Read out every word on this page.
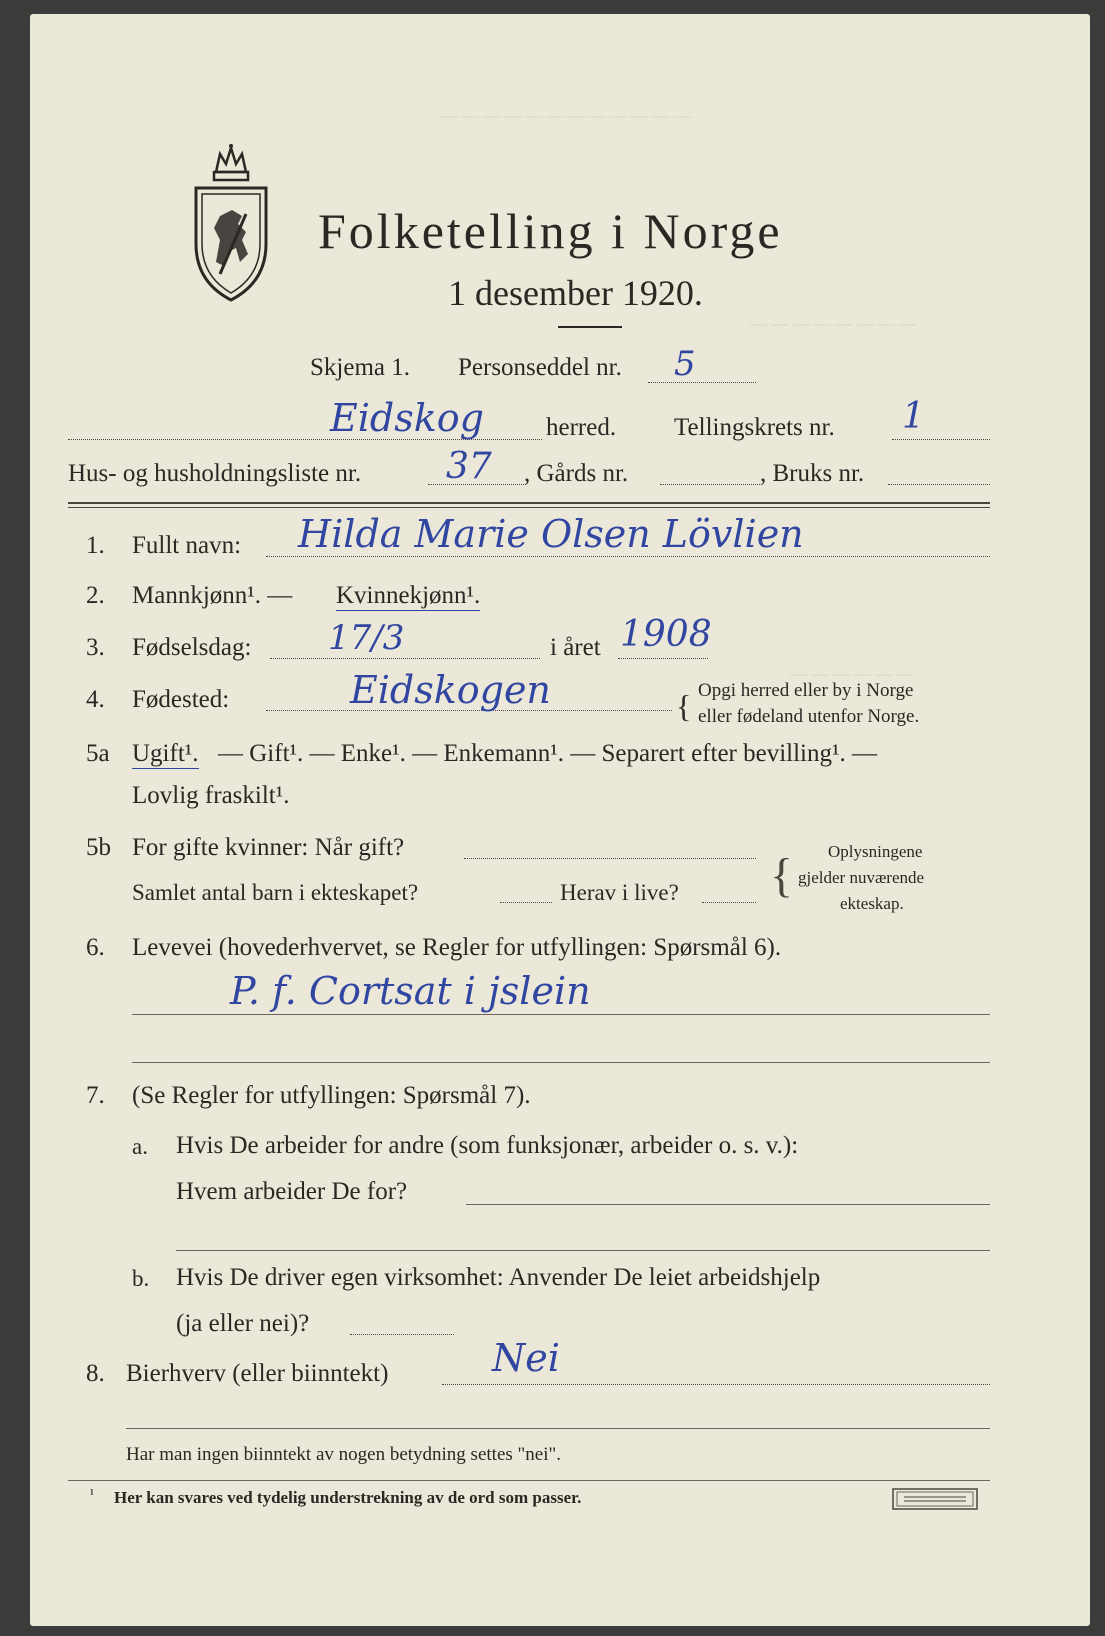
— — — — — — — — — — — —
— — — — — — — —
— — — — — —
Folketelling i Norge
1 desember 1920.
Skjema 1. Personseddel nr. 5
Eidskog herred. Tellingskrets nr. 1
Hus- og husholdningsliste nr. 37 , Gårds nr.	, Bruks nr.
1. Fullt navn: Hilda Marie Olsen Lövlien
2. Mannkjønn¹. — Kvinnekjønn¹.
3. Fødselsdag: 17/3	i året 1908
4. Fødested:	Eidskogen	{ Opgi herred eller by i Norge
eller fødeland utenfor Norge.
5a Ugift¹. — Gift¹. — Enke¹. — Enkemann¹. — Separert efter bevilling¹. —
Lovlig fraskilt¹.
5b For gifte kvinner: Når gift?
Samlet antal barn i ekteskapet?	Herav i live? { Oplysningene
gjelder nuværende
ekteskap.
6. Levevei (hovederhvervet, se Regler for utfyllingen: Spørsmål 6).
P. f. Cortsat i jslein
7. (Se Regler for utfyllingen: Spørsmål 7).
a. Hvis De arbeider for andre (som funksjonær, arbeider o. s. v.):
Hvem arbeider De for?
b. Hvis De driver egen virksomhet: Anvender De leiet arbeidshjelp
(ja eller nei)?
8. Bierhverv (eller biinntekt)	Nei
Har man ingen biinntekt av nogen betydning settes "nei".
¹ Her kan svares ved tydelig understrekning av de ord som passer.
